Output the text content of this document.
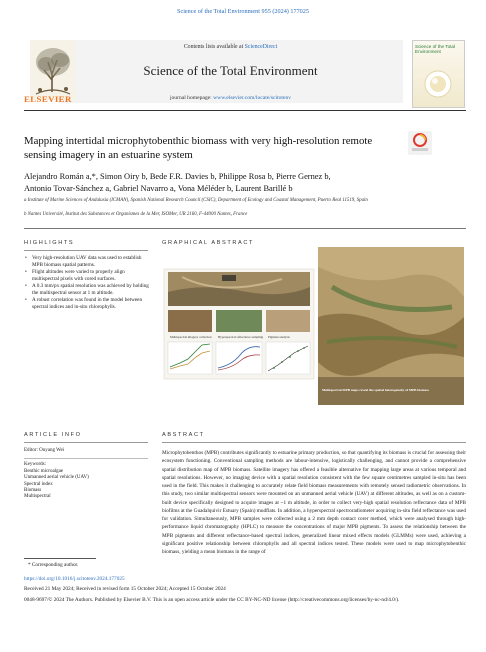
Science of the Total Environment 955 (2024) 177025
Contents lists available at ScienceDirect
Science of the Total Environment
journal homepage: www.elsevier.com/locate/scitotenv
ELSEVIER
Science of the Total Environment
Mapping intertidal microphytobenthic biomass with very high-resolution remote sensing imagery in an estuarine system
Alejandro Román a,*, Simon Oiry b, Bede F.R. Davies b, Philippe Rosa b, Pierre Gernez b,
Antonio Tovar-Sánchez a, Gabriel Navarro a, Vona Méléder b, Laurent Barillé b
a Institute of Marine Sciences of Andalusia (ICMAN), Spanish National Research Council (CSIC), Department of Ecology and Coastal Management, Puerto Real 11519, Spain
b Nantes Université, Institut des Substances et Organismes de la Mer, ISOMer, UR 2160, F-44000 Nantes, France
HIGHLIGHTS	GRAPHICAL ABSTRACT
• Very high-resolution UAV data was used to establish MPB biomass spatial patterns.
• Flight altitudes were varied to properly align multispectral pixels with cored surfaces.
• A 0.3 mm/px spatial resolution was achieved by holding the multispectral sensor at 1 m altitude.
• A robust correlation was found in the model between spectral indices and in-situ chlorophylls.
Multispectral imagery collection Hyperspectral reflectance sampling Pigment analysis
Multispectral MPB maps reveal the spatial heterogeneity of MPB biomass
ARTICLE INFO	ABSTRACT
Editor: Ouyang Wei
Keywords:
Benthic microalgae
Unmanned aerial vehicle (UAV)
Spectral index
Biomass
Multispectral
Microphytobenthos (MPB) contributes significantly to estuarine primary production, so that quantifying its biomass is crucial for assessing their ecosystem functioning. Conventional sampling methods are labour-intensive, logistically challenging, and cannot provide a comprehensive spatial distribution map of MPB biomass. Satellite imagery has offered a feasible alternative for mapping large areas at various temporal and spatial resolutions. However, no imaging device with a spatial resolution consistent with the few square centimetres sampled in-situ has been used in the field. This makes it challenging to accurately relate field biomass measurements with remotely sensed radiometric observations. In this study, two similar multispectral sensors were mounted on an unmanned aerial vehicle (UAV) at different altitudes, as well as on a custom-built device specifically designed to acquire images at ~1 m altitude, in order to collect very-high spatial resolution reflectance data of MPB biofilms at the Guadalquivir Estuary (Spain) mudflats. In addition, a hyperspectral spectroradiometer acquiring in-situ field reflectance was used for validation. Simultaneously, MPB samples were collected using a 2 mm depth contact corer method, which were analysed through high-performance liquid chromatography (HPLC) to measure the concentrations of major MPB pigments. To assess the relationship between the MPB pigments and different reflectance-based spectral indices, generalized linear mixed effects models (GLMMs) were used, achieving a significant positive relationship between chlorophylls and all spectral indices tested. These models were used to map microphytobenthic biomass, yielding a mean biomass in the range of
* Corresponding author.
https://doi.org/10.1016/j.scitotenv.2024.177025
Received 21 May 2024; Received in revised form 15 October 2024; Accepted 15 October 2024
0048-9697/© 2024 The Authors. Published by Elsevier B.V. This is an open access article under the CC BY-NC-ND license (http://creativecommons.org/licenses/by-nc-nd/4.0/).
